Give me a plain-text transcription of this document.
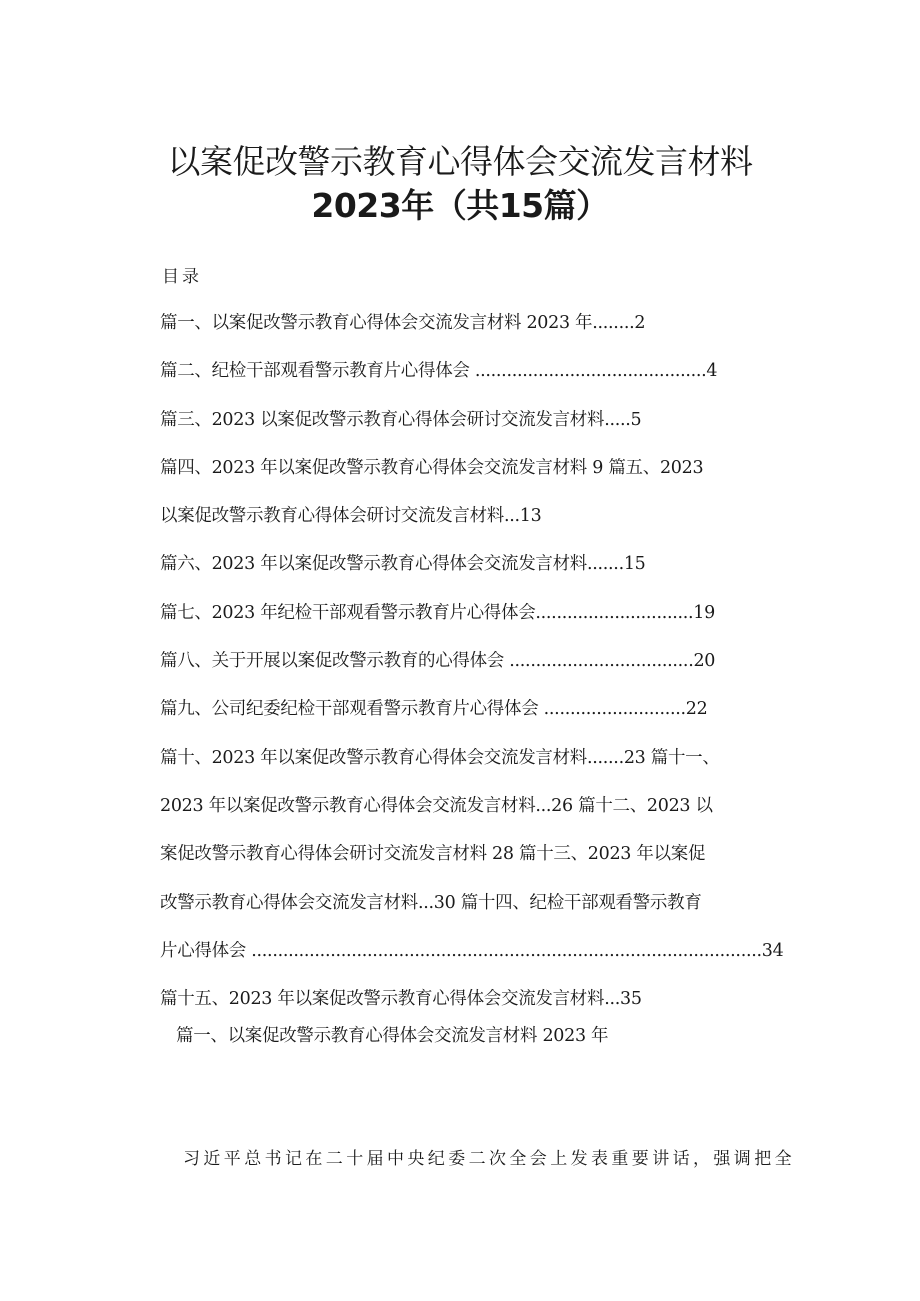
以案促改警示教育心得体会交流发言材料
2023年（共15篇）
目录
篇一、以案促改警示教育心得体会交流发言材料 2023 年........2
篇二、纪检干部观看警示教育片心得体会 ............................................4
篇三、2023 以案促改警示教育心得体会研讨交流发言材料.....5
篇四、2023 年以案促改警示教育心得体会交流发言材料 9 篇五、2023
以案促改警示教育心得体会研讨交流发言材料...13
篇六、2023 年以案促改警示教育心得体会交流发言材料.......15
篇七、2023 年纪检干部观看警示教育片心得体会..............................19
篇八、关于开展以案促改警示教育的心得体会 ...................................20
篇九、公司纪委纪检干部观看警示教育片心得体会 ...........................22
篇十、2023 年以案促改警示教育心得体会交流发言材料.......23 篇十一、
2023 年以案促改警示教育心得体会交流发言材料...26 篇十二、2023 以
案促改警示教育心得体会研讨交流发言材料 28 篇十三、2023 年以案促
改警示教育心得体会交流发言材料...30 篇十四、纪检干部观看警示教育
片心得体会 .................................................................................................34
篇十五、2023 年以案促改警示教育心得体会交流发言材料...35
篇一、以案促改警示教育心得体会交流发言材料 2023 年

习近平总书记在二十届中央纪委二次全会上发表重要讲话，强调把全
